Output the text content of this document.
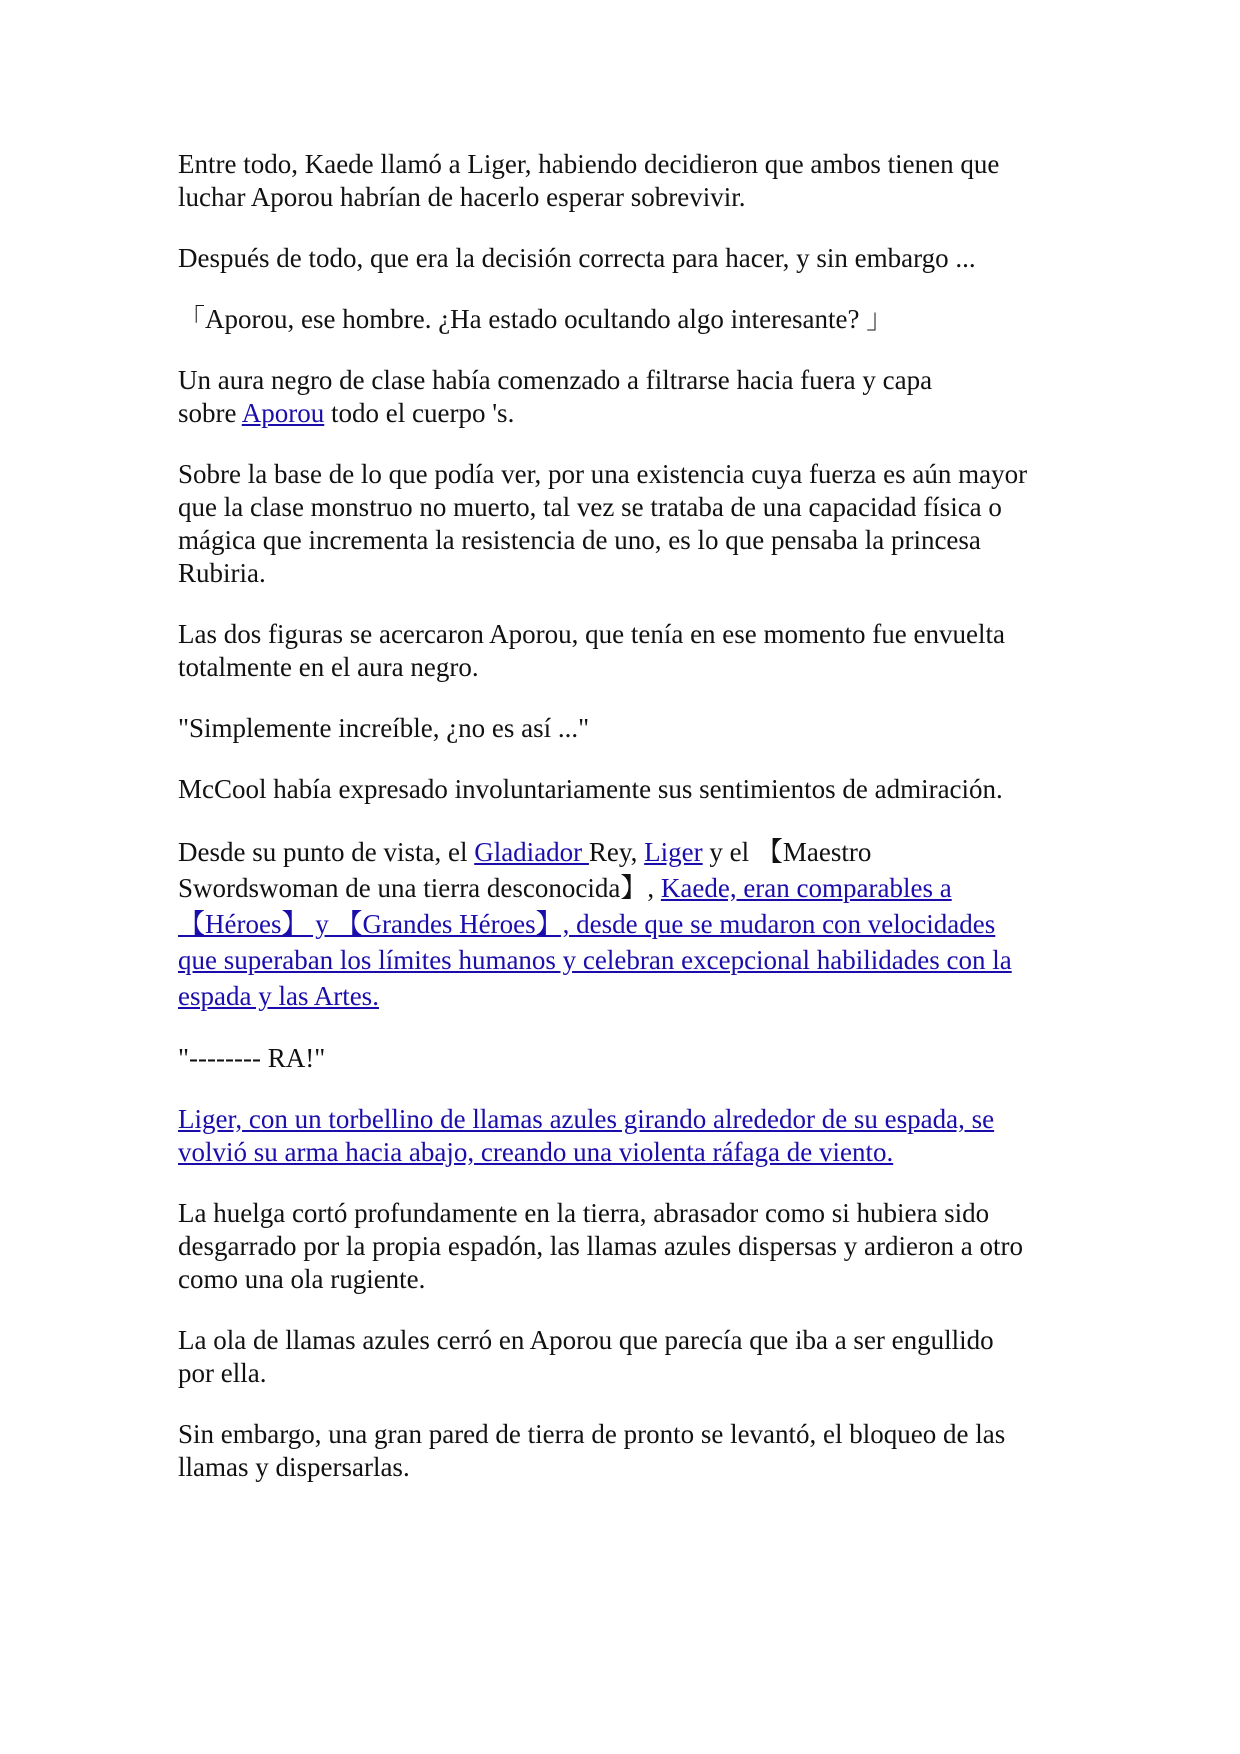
Entre todo, Kaede llamó a Liger, habiendo decidieron que ambos tienen que
luchar Aporou habrían de hacerlo esperar sobrevivir.

Después de todo, que era la decisión correcta para hacer, y sin embargo ...

「Aporou, ese hombre. ¿Ha estado ocultando algo interesante? 」

Un aura negro de clase había comenzado a filtrarse hacia fuera y capa
sobre Aporou todo el cuerpo 's.

Sobre la base de lo que podía ver, por una existencia cuya fuerza es aún mayor
que la clase monstruo no muerto, tal vez se trataba de una capacidad física o
mágica que incrementa la resistencia de uno, es lo que pensaba la princesa
Rubiria.

Las dos figuras se acercaron Aporou, que tenía en ese momento fue envuelta
totalmente en el aura negro.

"Simplemente increíble, ¿no es así ..."

McCool había expresado involuntariamente sus sentimientos de admiración.

Desde su punto de vista, el Gladiador Rey, Liger y el 【Maestro
Swordswoman de una tierra desconocida】, Kaede, eran comparables a
【Héroes】 y 【Grandes Héroes】, desde que se mudaron con velocidades
que superaban los límites humanos y celebran excepcional habilidades con la
espada y las Artes.

"-------- RA!"

Liger, con un torbellino de llamas azules girando alrededor de su espada, se
volvió su arma hacia abajo, creando una violenta ráfaga de viento.

La huelga cortó profundamente en la tierra, abrasador como si hubiera sido
desgarrado por la propia espadón, las llamas azules dispersas y ardieron a otro
como una ola rugiente.

La ola de llamas azules cerró en Aporou que parecía que iba a ser engullido
por ella.

Sin embargo, una gran pared de tierra de pronto se levantó, el bloqueo de las
llamas y dispersarlas.
